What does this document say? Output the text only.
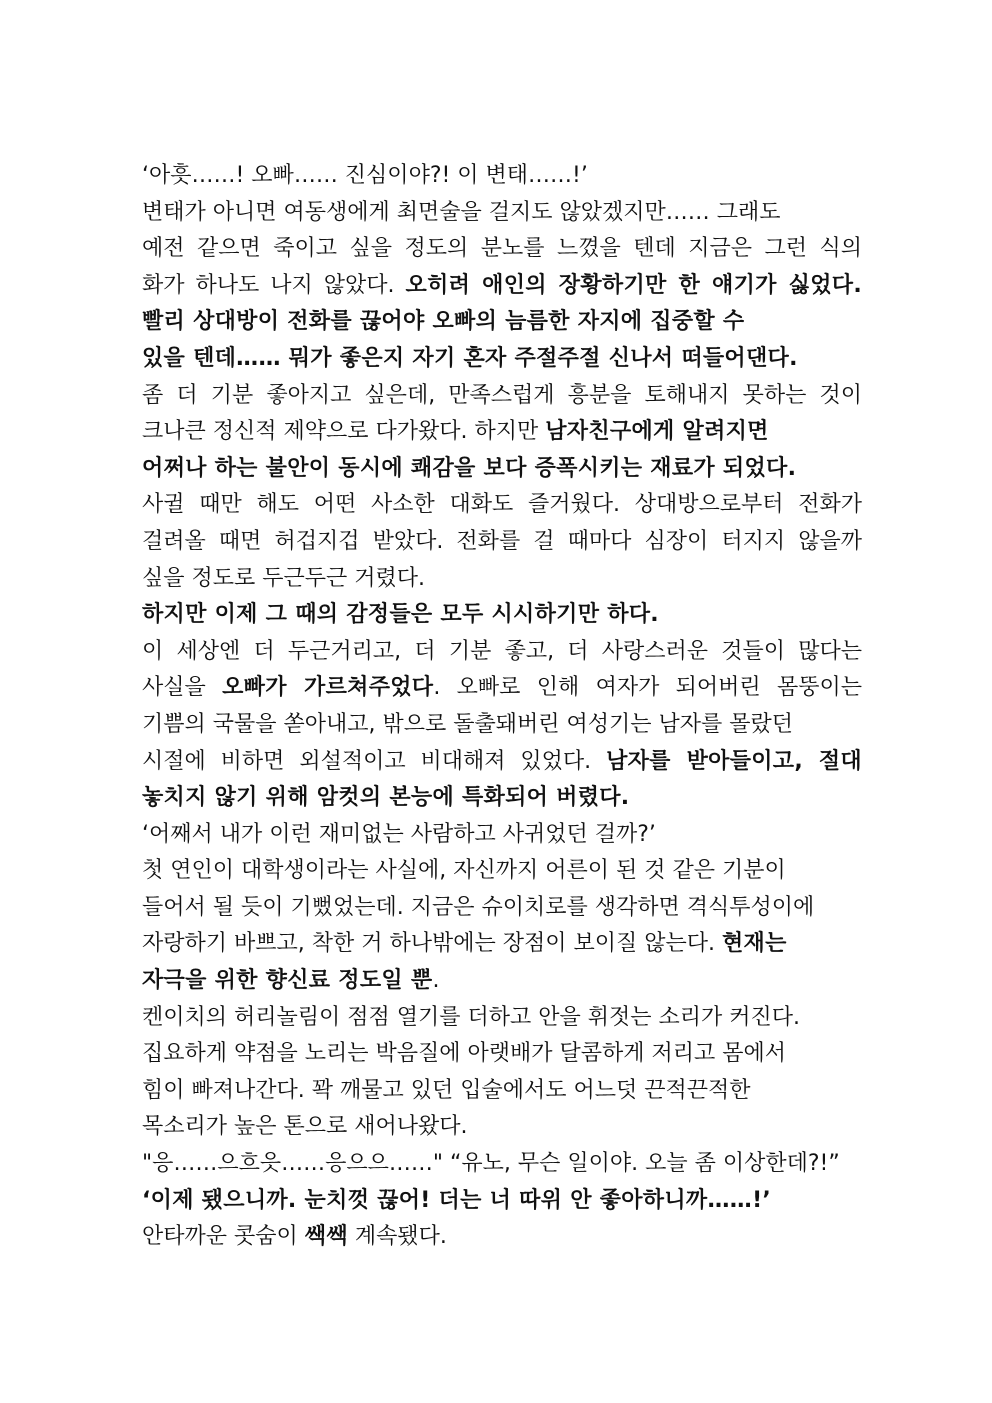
‘아흣……! 오빠…… 진심이야?! 이 변태……!’
변태가 아니면 여동생에게 최면술을 걸지도 않았겠지만…… 그래도
예전 같으면 죽이고 싶을 정도의 분노를 느꼈을 텐데 지금은 그런 식의
화가 하나도 나지 않았다. 오히려 애인의 장황하기만 한 얘기가 싫었다.
빨리 상대방이 전화를 끊어야 오빠의 늠름한 자지에 집중할 수
있을 텐데…… 뭐가 좋은지 자기 혼자 주절주절 신나서 떠들어댄다.
좀 더 기분 좋아지고 싶은데, 만족스럽게 흥분을 토해내지 못하는 것이
크나큰 정신적 제약으로 다가왔다. 하지만 남자친구에게 알려지면
어쩌나 하는 불안이 동시에 쾌감을 보다 증폭시키는 재료가 되었다.
사귈 때만 해도 어떤 사소한 대화도 즐거웠다. 상대방으로부터 전화가
걸려올 때면 허겁지겁 받았다. 전화를 걸 때마다 심장이 터지지 않을까
싶을 정도로 두근두근 거렸다.
하지만 이제 그 때의 감정들은 모두 시시하기만 하다.
이 세상엔 더 두근거리고, 더 기분 좋고, 더 사랑스러운 것들이 많다는
사실을 오빠가 가르쳐주었다. 오빠로 인해 여자가 되어버린 몸뚱이는
기쁨의 국물을 쏟아내고, 밖으로 돌출돼버린 여성기는 남자를 몰랐던
시절에 비하면 외설적이고 비대해져 있었다. 남자를 받아들이고, 절대
놓치지 않기 위해 암컷의 본능에 특화되어 버렸다.
‘어째서 내가 이런 재미없는 사람하고 사귀었던 걸까?’
첫 연인이 대학생이라는 사실에, 자신까지 어른이 된 것 같은 기분이
들어서 될 듯이 기뻤었는데. 지금은 슈이치로를 생각하면 격식투성이에
자랑하기 바쁘고, 착한 거 하나밖에는 장점이 보이질 않는다. 현재는
자극을 위한 향신료 정도일 뿐.
켄이치의 허리놀림이 점점 열기를 더하고 안을 휘젓는 소리가 커진다.
집요하게 약점을 노리는 박음질에 아랫배가 달콤하게 저리고 몸에서
힘이 빠져나간다. 꽉 깨물고 있던 입술에서도 어느덧 끈적끈적한
목소리가 높은 톤으로 새어나왔다.
"응……으흐읏……응으으……" “유노, 무슨 일이야. 오늘 좀 이상한데?!”
‘이제 됐으니까. 눈치껏 끊어! 더는 너 따위 안 좋아하니까……!’
안타까운 콧숨이 쌕쌕 계속됐다.
